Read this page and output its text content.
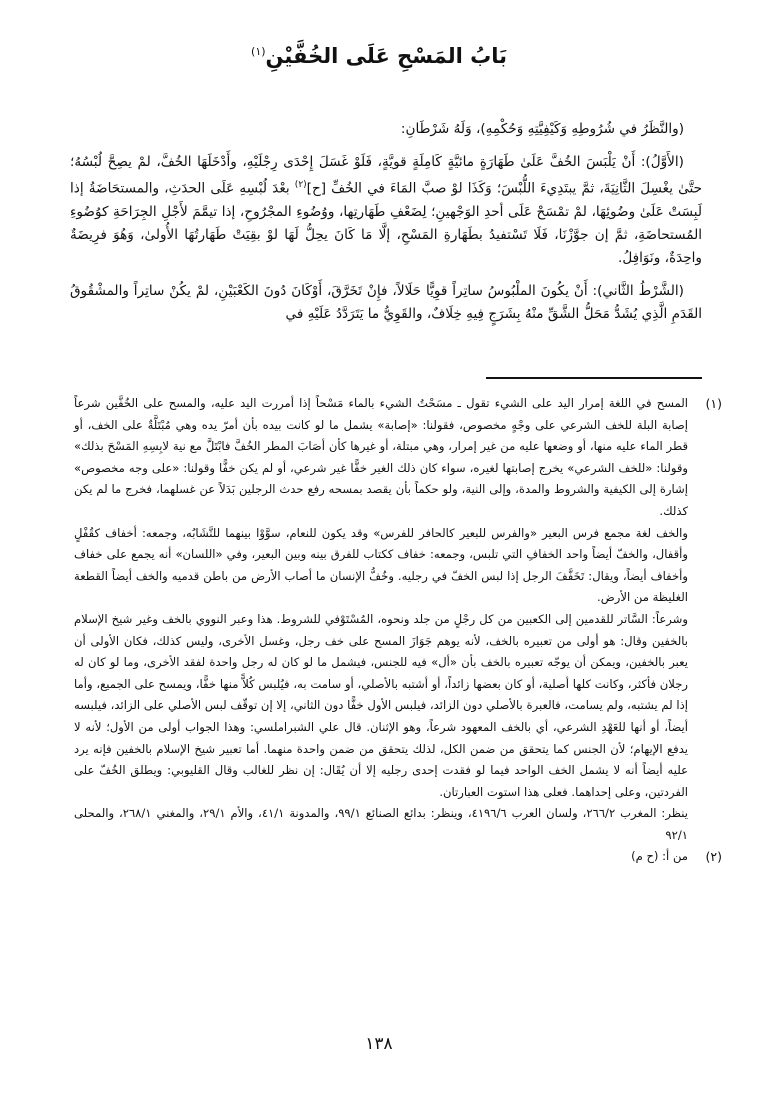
بَابُ المَسْحِ عَلَى الخُفَّيْنِ$^{(١)}$

(والنَّظَرُ في شُرُوطِهِ وَكَيْفِيَّتِهِ وَحُكْمِهِ)، وَلَهُ شَرْطَانِ:

(الأَوَّلُ): أَنْ يَلْبَسَ الخُفَّ عَلَىٰ طَهَارَةٍ مائيَّةٍ كَامِلَةٍ قويَّةٍ، فَلَوْ غَسَلَ إِحْدَى رِجْلَيْهِ، وأَدْخَلَهَا الخُفَّ، لمْ يصِحَّ لُبْسُهُ؛ حتَّىٰ يغْسِلَ الثَّانِيَةَ، ثمَّ يبتَدِيءَ اللُّبْسَ؛ وَكَذَا لوْ صبَّ المَاءَ في الخُفِّ [ح]$^{(٢)}$ بعْدَ لُبْسِهِ عَلَى الحدَثِ، والمستحَاضَةُ إذا لَبِسَتْ عَلَىٰ وضُوئِهَا، لمْ تمْسَحْ عَلَى أحدِ الوَجْهينِ؛ لِضَعْفِ طَهَارتِها، ووُضُوءِ المجْرُوحِ، إذا تيمَّمَ لأَجْلِ الجِرَاحَةِ كوُضُوءِ المُستحاضَةِ، ثمَّ إن جوَّزْنَا، فَلَا تَسْتفيدُ بطَهَارةِ المَسْحِ، إلَّا مَا كَانَ يحِلُّ لَهَا لوْ بقِيَتْ طَهَارتُهَا الأُولىٰ، وَهُوَ فرِيضَةٌ واحِدَةٌ، ونَوَافِلُ.

(الشَّرْطُ الثَّاني): أَنْ يكُونَ الملْبُوسُ ساتِراً قوِيًّا حَلَالاً، فإِنْ تَخَرَّقَ، أَوْكَانَ دُونَ الكَعْبَيْنِ، لمْ يكُنْ ساتِراً والمشْقُوقُ القَدَمِ الَّذِي يُشَدُّ مَحَلُّ الشَّقِّ منْهُ بِشَرَجٍ فِيهِ خِلَافٌ، والقَوِيُّ ما يَتَرَدَّدُ عَلَيْهِ في

(١)

المسح في اللغة إمرار اليد على الشيء تقول ـ مسَحْتُ الشيء بالماء مَسْحاً إذا أمررت اليد عليه، والمسح على الخُفَّين شرعاً إصابة البلة للخف الشرعي على وجْهٍ مخصوص، فقولنا: «إصابة» يشمل ما لو كانت بيده بأن أمرّ يده وهي مُبْتَلَّةٌ على الخف، أو قطر الماء عليه منها، أو وضعها عليه من غير إمرار، وهي مبتلة، أو غيرها كأن أصَابَ المطر الخُفَّ فابْتَلَّ مع نية لابِسِهِ المَسْحَ بذلك» وقولنا: «للخف الشرعي» يخرج إصابتها لغيره، سواء كان ذلك الغير خفًّا غير شرعي، أو لم يكن خفًّا وقولنا: «على وجه مخصوص» إشارة إلى الكيفية والشروط والمدة، وإلى النية، ولو حكماً بأن يقصد بمسحه رفع حدث الرجلين بَدَلاً عن غسلهما، فخرج ما لم يكن كذلك.

والخف لغة مجمع فرس البعير «والفرس للبعير كالحافر للفرس» وقد يكون للنعام، سوَّوْا بينهما للتَّشَابُه، وجمعه: أخفاف كقُفْلٍ وأقفال، والخفّ أيضاً واحد الخفافِ التي تلبس، وجمعه: خفاف ككتاب للفرق بينه وبين البعير، وفي «اللسان» أنه يجمع على خفاف وأخفاف أيضاً، ويقال: تَخَفَّفَ الرجل إذا لبس الخفّ في رجليه. وخُفُّ الإنسان ما أصاب الأرض من باطن قدميه والخف أيضاً القطعة الغليظة من الأرض.

وشرعاً: السَّاتر للقدمين إلى الكعبين من كل رجْلٍ من جلد ونحوه، المُسْتَوْفي للشروط. هذا وعبر النووي بالخف وغير شيخ الإسلام بالخفين وقال: هو أولى من تعبيره بالخف، لأنه يوهم جَوَازَ المسح على خف رجل، وغسل الأخرى، وليس كذلك، فكان الأولى أن يعبر بالخفين، ويمكن أن يوجّه تعبيره بالخف بأن «أل» فيه للجنس، فيشمل ما لو كان له رجل واحدة لفقد الأخرى، وما لو كان له رجلان فأكثر، وكانت كلها أصلية، أو كان بعضها زائداً، أو أشتبه بالأصلي، أو سامت به، فيُلبس كُلاًّ منها خفًّا، ويمسح على الجميع، وأما إذا لم يشتبه، ولم يسامت، فالعبرة بالأصلي دون الزائد، فيلبس الأول خفًّا دون الثاني، إلا إن توقّف لبس الأصلي على الزائد، فيلبسه أيضاً، أو أنها للعَهْدِ الشرعي، أي بالخف المعهود شرعاً، وهو الإثنان. قال علي الشبراملسي: وهذا الجواب أولى من الأول؛ لأنه لا يدفع الإيهام؛ لأن الجنس كما يتحقق من ضمن الكل، لذلك يتحقق من ضمن واحدة منهما. أما تعبير شيخ الإسلام بالخفين فإنه يرد عليه أيضاً أنه لا يشمل الخف الواحد فيما لو فقدت إحدى رجليه إلا أن يُقَال: إن نظر للغالب وقال القليوبي: ويطلق الخُفّ على الفردتين، وعلى إحداهما. فعلى هذا استوت العبارتان.

ينظر: المغرب ٢٦٦/٢، ولسان العرب ٤١٩٦/٦، وينظر: بدائع الصنائع ٩٩/١، والمدونة ٤١/١، والأم ٢٩/١، والمغني ٢٦٨/١، والمحلى ٩٢/١

(٢)

من أ: (ح م)

١٣٨
